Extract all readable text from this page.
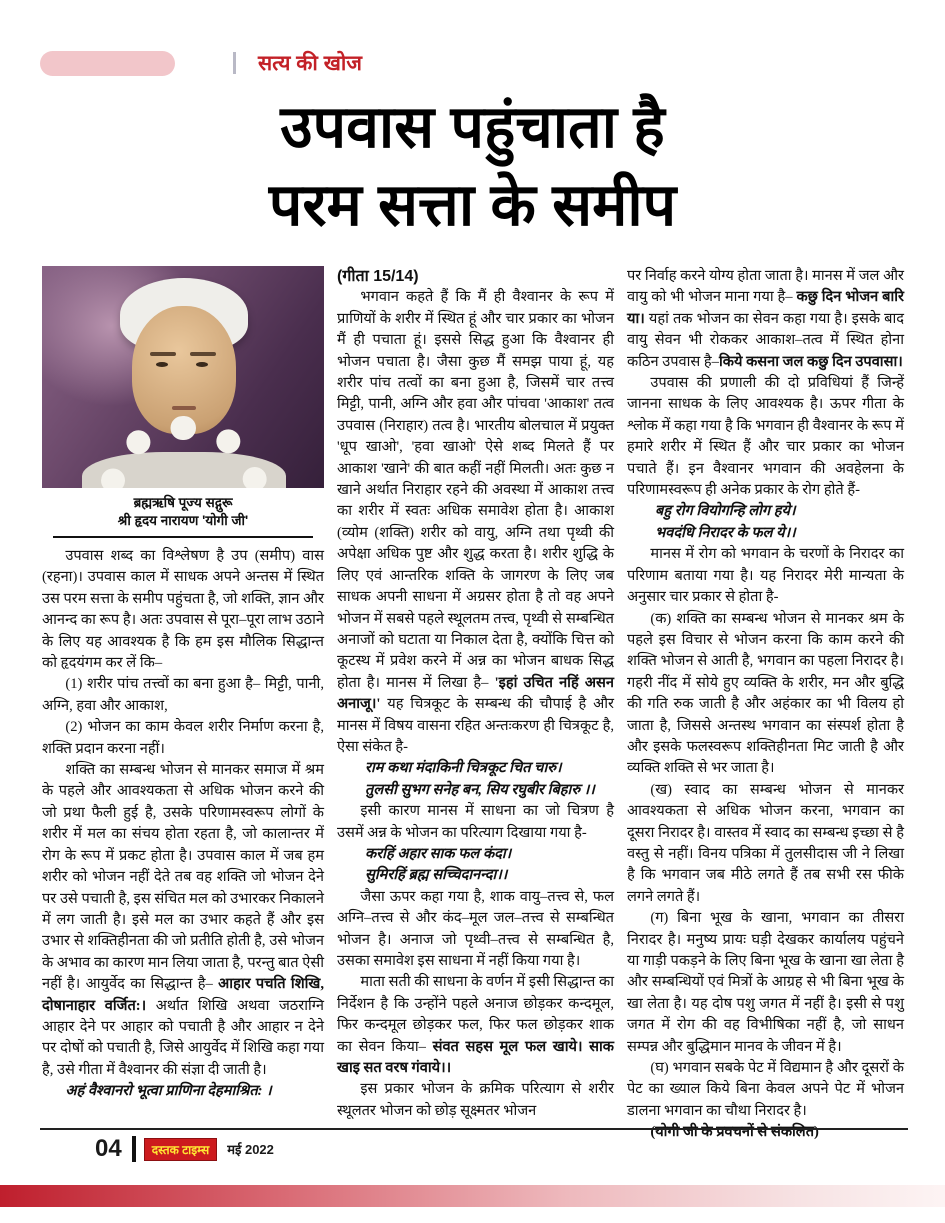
सत्य की खोज
उपवास पहुंचाता है
परम सत्ता के समीप
ब्रह्मऋषि पूज्य सद्गुरू
श्री हृदय नारायण 'योगी जी'

उपवास शब्द का विश्लेषण है उप (समीप) वास (रहना)। उपवास काल में साधक अपने अन्तस में स्थित उस परम सत्ता के समीप पहुंचता है, जो शक्ति, ज्ञान और आनन्द का रूप है। अतः उपवास से पूरा–पूरा लाभ उठाने के लिए यह आवश्यक है कि हम इस मौलिक सिद्धान्त को हृदयंगम कर लें कि–

(1) शरीर पांच तत्त्वों का बना हुआ है– मिट्टी, पानी, अग्नि, हवा और आकाश,

(2) भोजन का काम केवल शरीर निर्माण करना है, शक्ति प्रदान करना नहीं।

शक्ति का सम्बन्ध भोजन से मानकर समाज में श्रम के पहले और आवश्यकता से अधिक भोजन करने की जो प्रथा फैली हुई है, उसके परिणामस्वरूप लोगों के शरीर में मल का संचय होता रहता है, जो कालान्तर में रोग के रूप में प्रकट होता है। उपवास काल में जब हम शरीर को भोजन नहीं देते तब वह शक्ति जो भोजन देने पर उसे पचाती है, इस संचित मल को उभारकर निकालने में लग जाती है। इसे मल का उभार कहते हैं और इस उभार से शक्तिहीनता की जो प्रतीति होती है, उसे भोजन के अभाव का कारण मान लिया जाता है, परन्तु बात ऐसी नहीं है। आयुर्वेद का सिद्धान्त है– आहार पचति शिखि, दोषानाहार वर्जित:। अर्थात शिखि अथवा जठराग्नि आहार देने पर आहार को पचाती है और आहार न देने पर दोषों को पचाती है, जिसे आयुर्वेद में शिखि कहा गया है, उसे गीता में वैश्वानर की संज्ञा दी जाती है।

अहं वैश्वानरो भूत्वा प्राणिना देहमाश्रित: ।

(गीता 15/14)

भगवान कहते हैं कि मैं ही वैश्वानर के रूप में प्राणियों के शरीर में स्थित हूं और चार प्रकार का भोजन मैं ही पचाता हूं। इससे सिद्ध हुआ कि वैश्वानर ही भोजन पचाता है। जैसा कुछ मैं समझ पाया हूं, यह शरीर पांच तत्वों का बना हुआ है, जिसमें चार तत्त्व मिट्टी, पानी, अग्नि और हवा और पांचवा 'आकाश' तत्व उपवास (निराहार) तत्व है। भारतीय बोलचाल में प्रयुक्त 'धूप खाओ', 'हवा खाओ' ऐसे शब्द मिलते हैं पर आकाश 'खाने' की बात कहीं नहीं मिलती। अतः कुछ न खाने अर्थात निराहार रहने की अवस्था में आकाश तत्त्व का शरीर में स्वतः अधिक समावेश होता है। आकाश (व्योम (शक्ति) शरीर को वायु, अग्नि तथा पृथ्वी की अपेक्षा अधिक पुष्ट और शुद्ध करता है। शरीर शुद्धि के लिए एवं आन्तरिक शक्ति के जागरण के लिए जब साधक अपनी साधना में अग्रसर होता है तो वह अपने भोजन में सबसे पहले स्थूलतम तत्त्व, पृथ्वी से सम्बन्धित अनाजों को घटाता या निकाल देता है, क्योंकि चित्त को कूटस्थ में प्रवेश करने में अन्न का भोजन बाधक सिद्ध होता है। मानस में लिखा है– 'इहां उचित नहिं असन अनाजू।' यह चित्रकूट के सम्बन्ध की चौपाई है और मानस में विषय वासना रहित अन्तःकरण ही चित्रकूट है, ऐसा संकेत है-

राम कथा मंदाकिनी चित्रकूट चित चारु।
तुलसी सुभग सनेह बन, सिय रघुबीर बिहारु ।।

इसी कारण मानस में साधना का जो चित्रण है उसमें अन्न के भोजन का परित्याग दिखाया गया है-

करहिं अहार साक फल कंदा।
सुमिरहिं ब्रह्म सच्चिदानन्दा।।

जैसा ऊपर कहा गया है, शाक वायु–तत्त्व से, फल अग्नि–तत्त्व से और कंद–मूल जल–तत्त्व से सम्बन्धित भोजन है। अनाज जो पृथ्वी–तत्त्व से सम्बन्धित है, उसका समावेश इस साधना में नहीं किया गया है।

माता सती की साधना के वर्णन में इसी सिद्धान्त का निर्देशन है कि उन्होंने पहले अनाज छोड़कर कन्दमूल, फिर कन्दमूल छोड़कर फल, फिर फल छोड़कर शाक का सेवन किया– संवत सहस मूल फल खाये। साक खाइ सत वरष गंवाये।।

इस प्रकार भोजन के क्रमिक परित्याग से शरीर स्थूलतर भोजन को छोड़ सूक्ष्मतर भोजन

पर निर्वाह करने योग्य होता जाता है। मानस में जल और वायु को भी भोजन माना गया है– कछु दिन भोजन बारि या। यहां तक भोजन का सेवन कहा गया है। इसके बाद वायु सेवन भी रोककर आकाश–तत्व में स्थित होना कठिन उपवास है–किये कसना जल कछु दिन उपवासा।

उपवास की प्रणाली की दो प्रविधियां हैं जिन्हें जानना साधक के लिए आवश्यक है। ऊपर गीता के श्लोक में कहा गया है कि भगवान ही वैश्वानर के रूप में हमारे शरीर में स्थित हैं और चार प्रकार का भोजन पचाते हैं। इन वैश्वानर भगवान की अवहेलना के परिणामस्वरूप ही अनेक प्रकार के रोग होते हैं-

बहु रोग वियोगन्हि लोग हये।
भवदंधि निरादर के फल ये।।

मानस में रोग को भगवान के चरणों के निरादर का परिणाम बताया गया है। यह निरादर मेरी मान्यता के अनुसार चार प्रकार से होता है-

(क) शक्ति का सम्बन्ध भोजन से मानकर श्रम के पहले इस विचार से भोजन करना कि काम करने की शक्ति भोजन से आती है, भगवान का पहला निरादर है। गहरी नींद में सोये हुए व्यक्ति के शरीर, मन और बुद्धि की गति रुक जाती है और अहंकार का भी विलय हो जाता है, जिससे अन्तस्थ भगवान का संस्पर्श होता है और इसके फलस्वरूप शक्तिहीनता मिट जाती है और व्यक्ति शक्ति से भर जाता है।

(ख) स्वाद का सम्बन्ध भोजन से मानकर आवश्यकता से अधिक भोजन करना, भगवान का दूसरा निरादर है। वास्तव में स्वाद का सम्बन्ध इच्छा से है वस्तु से नहीं। विनय पत्रिका में तुलसीदास जी ने लिखा है कि भगवान जब मीठे लगते हैं तब सभी रस फीके लगने लगते हैं।

(ग) बिना भूख के खाना, भगवान का तीसरा निरादर है। मनुष्य प्रायः घड़ी देखकर कार्यालय पहुंचने या गाड़ी पकड़ने के लिए बिना भूख के खाना खा लेता है और सम्बन्धियों एवं मित्रों के आग्रह से भी बिना भूख के खा लेता है। यह दोष पशु जगत में नहीं है। इसी से पशु जगत में रोग की वह विभीषिका नहीं है, जो साधन सम्पन्न और बुद्धिमान मानव के जीवन में है।

(घ) भगवान सबके पेट में विद्यमान है और दूसरों के पेट का ख्याल किये बिना केवल अपने पेट में भोजन डालना भगवान का चौथा निरादर है।

(योगी जी के प्रवचनों से संकलित)

04	दस्तक टाइम्स	मई 2022
